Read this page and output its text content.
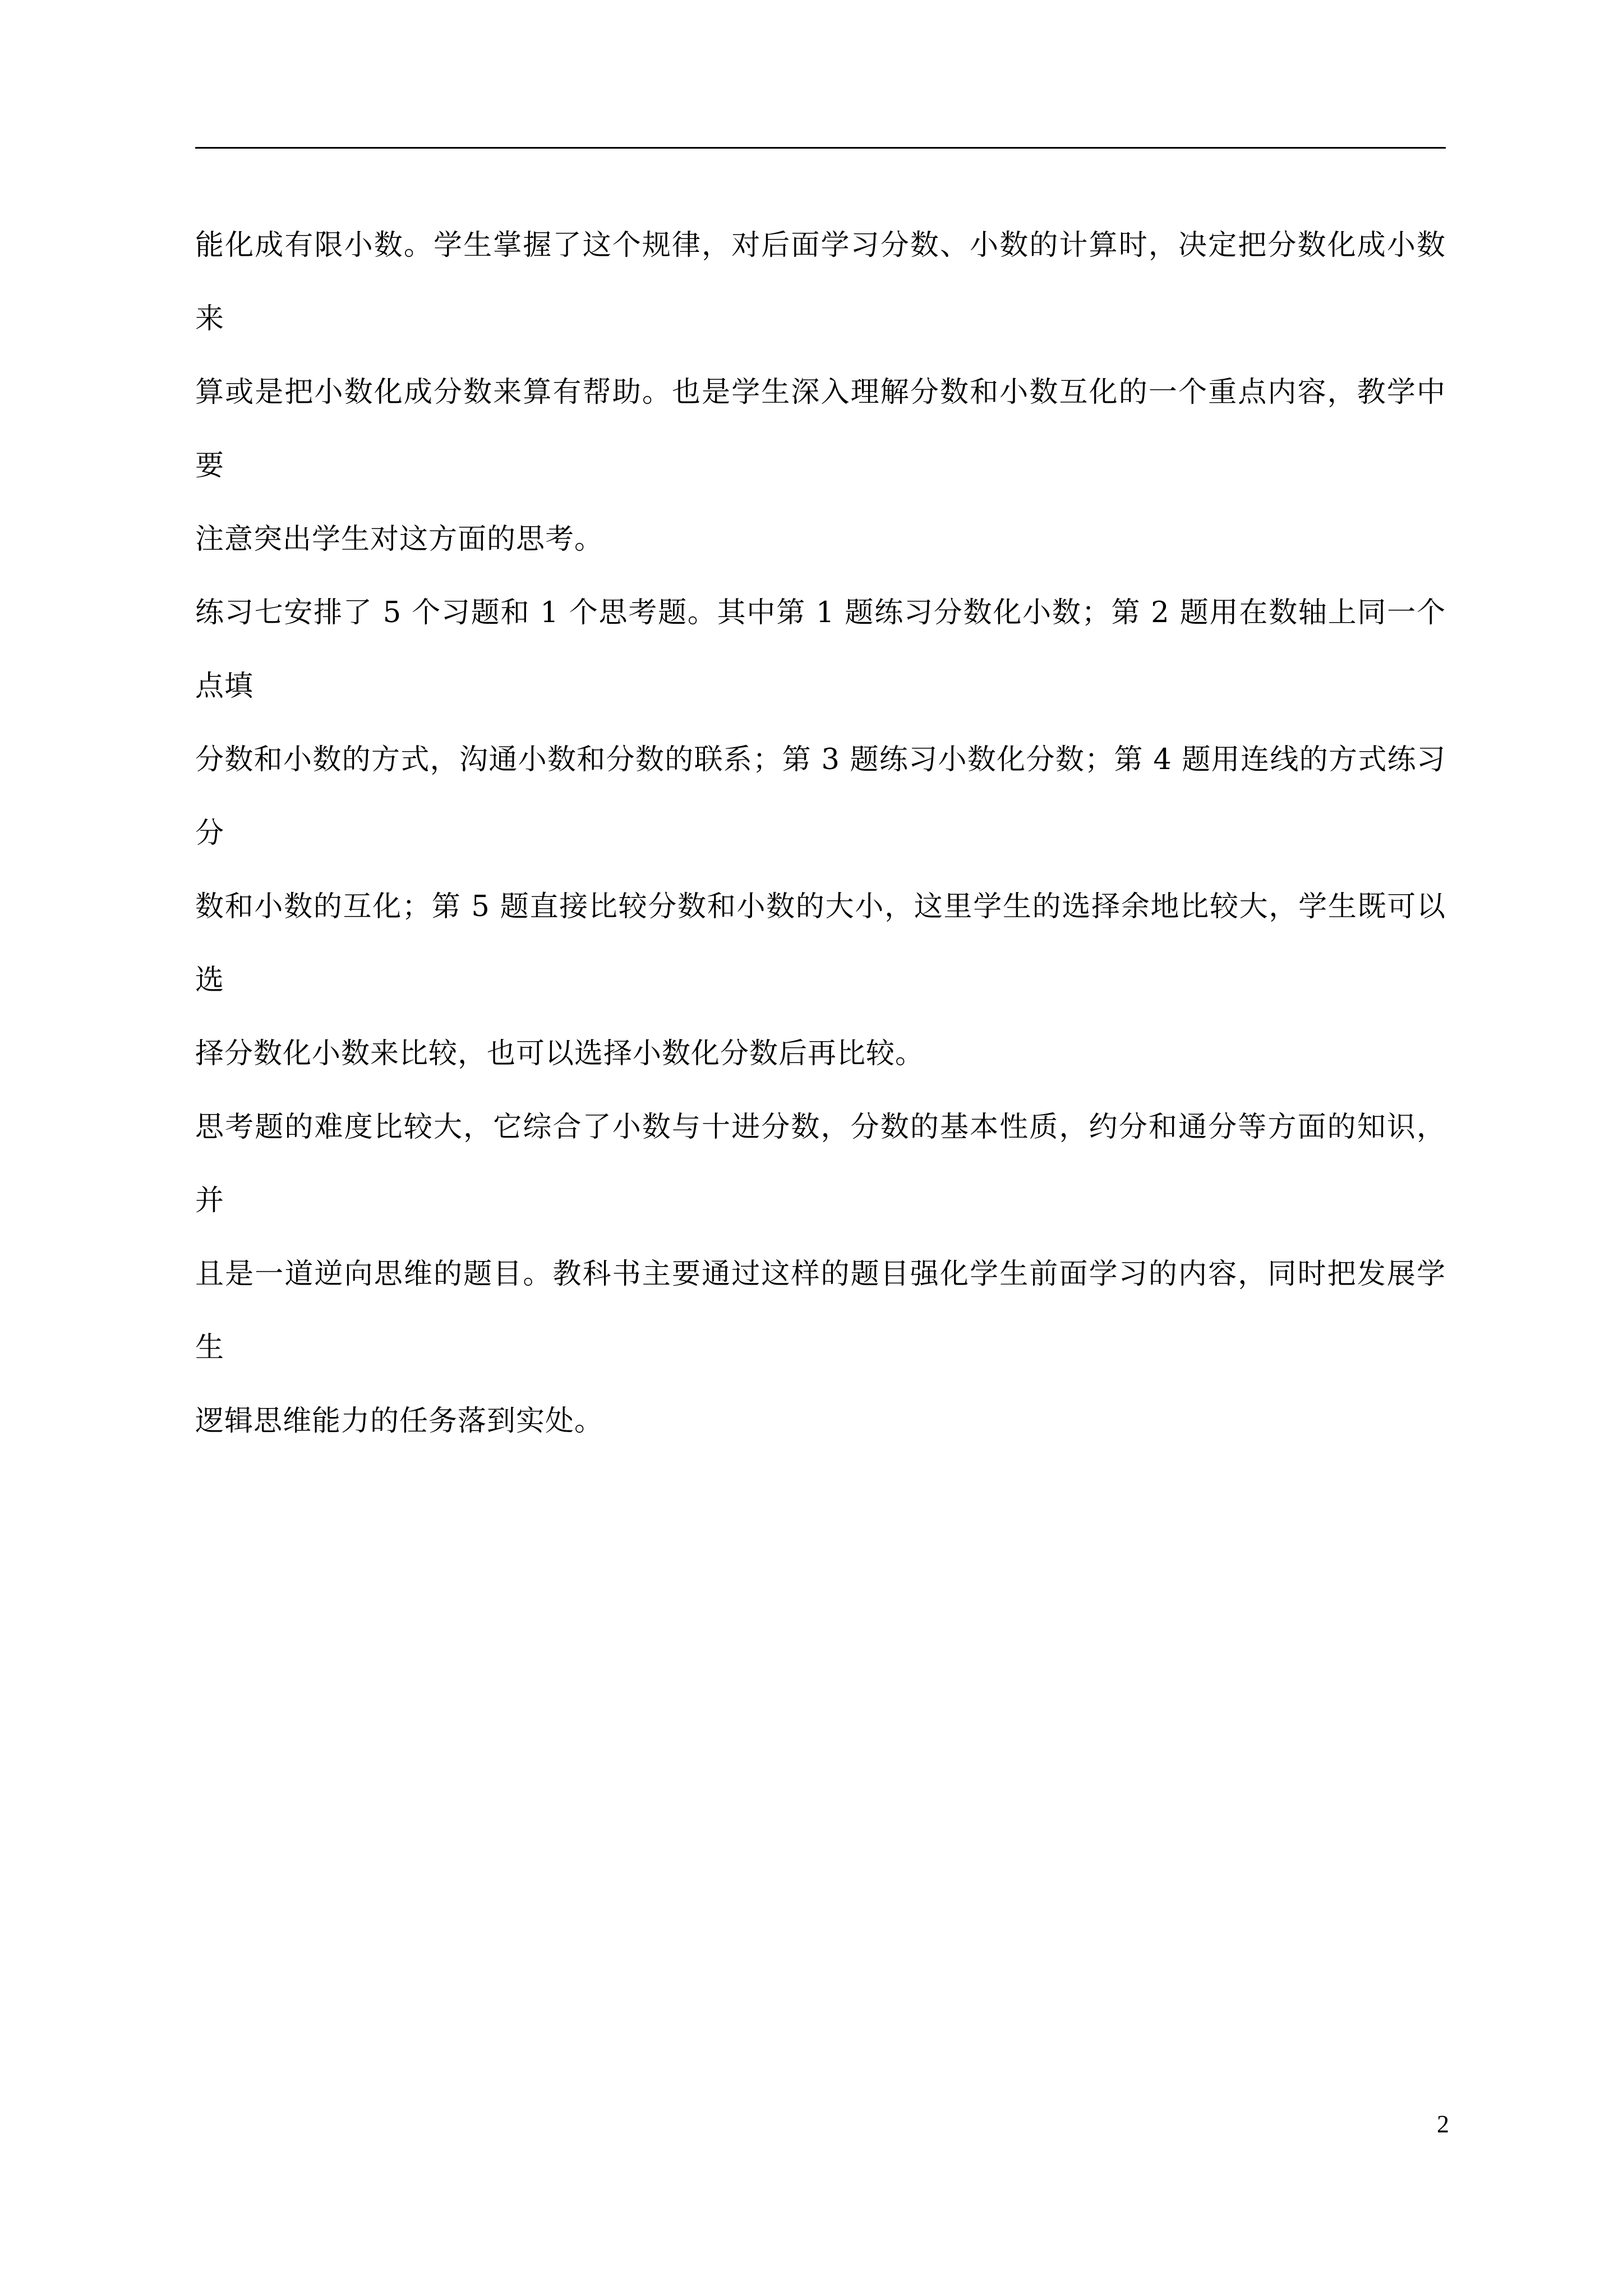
能化成有限小数。学生掌握了这个规律，对后面学习分数、小数的计算时，决定把分数化成小数来
算或是把小数化成分数来算有帮助。也是学生深入理解分数和小数互化的一个重点内容，教学中要
注意突出学生对这方面的思考。

练习七安排了 5 个习题和 1 个思考题。其中第 1 题练习分数化小数；第 2 题用在数轴上同一个点填
分数和小数的方式，沟通小数和分数的联系；第 3 题练习小数化分数；第 4 题用连线的方式练习分
数和小数的互化；第 5 题直接比较分数和小数的大小，这里学生的选择余地比较大，学生既可以选
择分数化小数来比较，也可以选择小数化分数后再比较。

思考题的难度比较大，它综合了小数与十进分数，分数的基本性质，约分和通分等方面的知识，并
且是一道逆向思维的题目。教科书主要通过这样的题目强化学生前面学习的内容，同时把发展学生
逻辑思维能力的任务落到实处。

2
